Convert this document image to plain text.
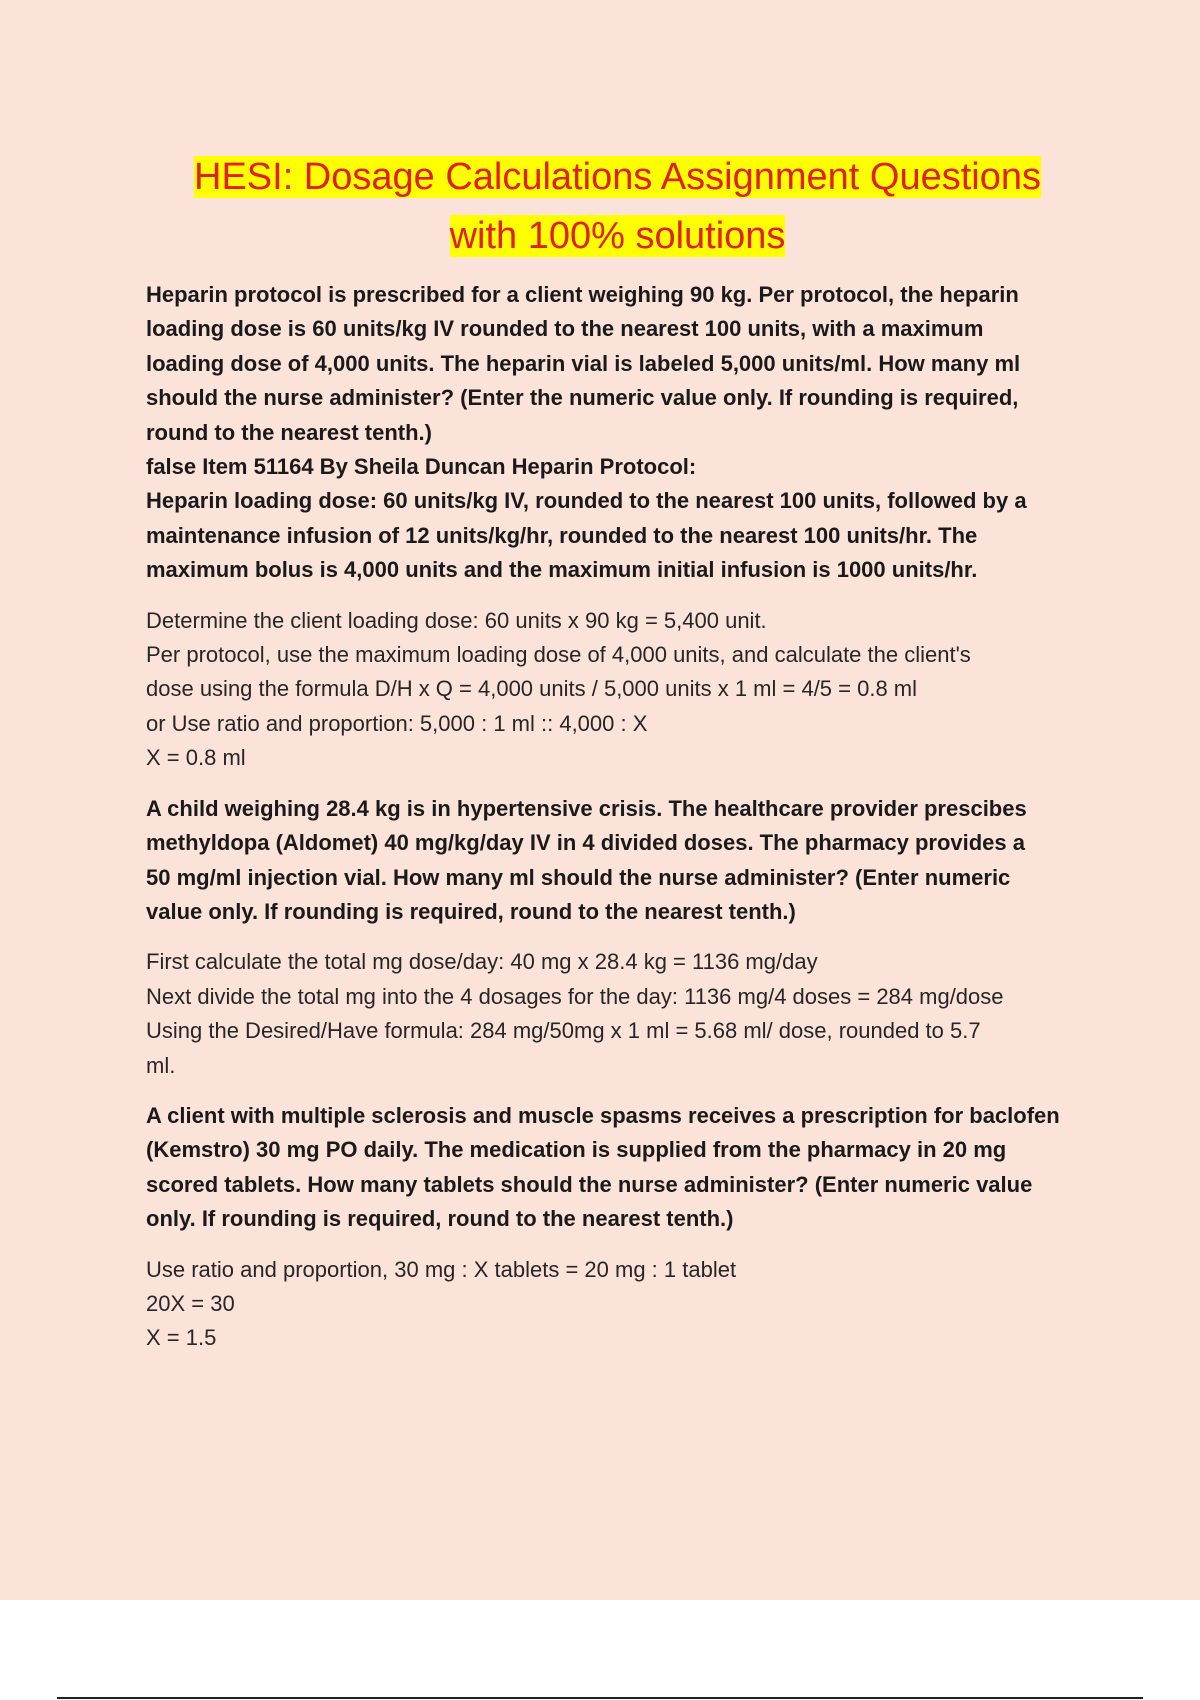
HESI: Dosage Calculations Assignment Questions
with 100% solutions
Heparin protocol is prescribed for a client weighing 90 kg. Per protocol, the heparin
loading dose is 60 units/kg IV rounded to the nearest 100 units, with a maximum
loading dose of 4,000 units. The heparin vial is labeled 5,000 units/ml. How many ml
should the nurse administer? (Enter the numeric value only. If rounding is required,
round to the nearest tenth.)
false Item 51164 By Sheila Duncan Heparin Protocol:
Heparin loading dose: 60 units/kg IV, rounded to the nearest 100 units, followed by a
maintenance infusion of 12 units/kg/hr, rounded to the nearest 100 units/hr. The
maximum bolus is 4,000 units and the maximum initial infusion is 1000 units/hr.
Determine the client loading dose: 60 units x 90 kg = 5,400 unit.
Per protocol, use the maximum loading dose of 4,000 units, and calculate the client's
dose using the formula D/H x Q = 4,000 units / 5,000 units x 1 ml = 4/5 = 0.8 ml
or Use ratio and proportion: 5,000 : 1 ml :: 4,000 : X
X = 0.8 ml
A child weighing 28.4 kg is in hypertensive crisis. The healthcare provider prescibes
methyldopa (Aldomet) 40 mg/kg/day IV in 4 divided doses. The pharmacy provides a
50 mg/ml injection vial. How many ml should the nurse administer? (Enter numeric
value only. If rounding is required, round to the nearest tenth.)
First calculate the total mg dose/day: 40 mg x 28.4 kg = 1136 mg/day
Next divide the total mg into the 4 dosages for the day: 1136 mg/4 doses = 284 mg/dose
Using the Desired/Have formula: 284 mg/50mg x 1 ml = 5.68 ml/ dose, rounded to 5.7
ml.
A client with multiple sclerosis and muscle spasms receives a prescription for baclofen
(Kemstro) 30 mg PO daily. The medication is supplied from the pharmacy in 20 mg
scored tablets. How many tablets should the nurse administer? (Enter numeric value
only. If rounding is required, round to the nearest tenth.)
Use ratio and proportion, 30 mg : X tablets = 20 mg : 1 tablet
20X = 30
X = 1.5
